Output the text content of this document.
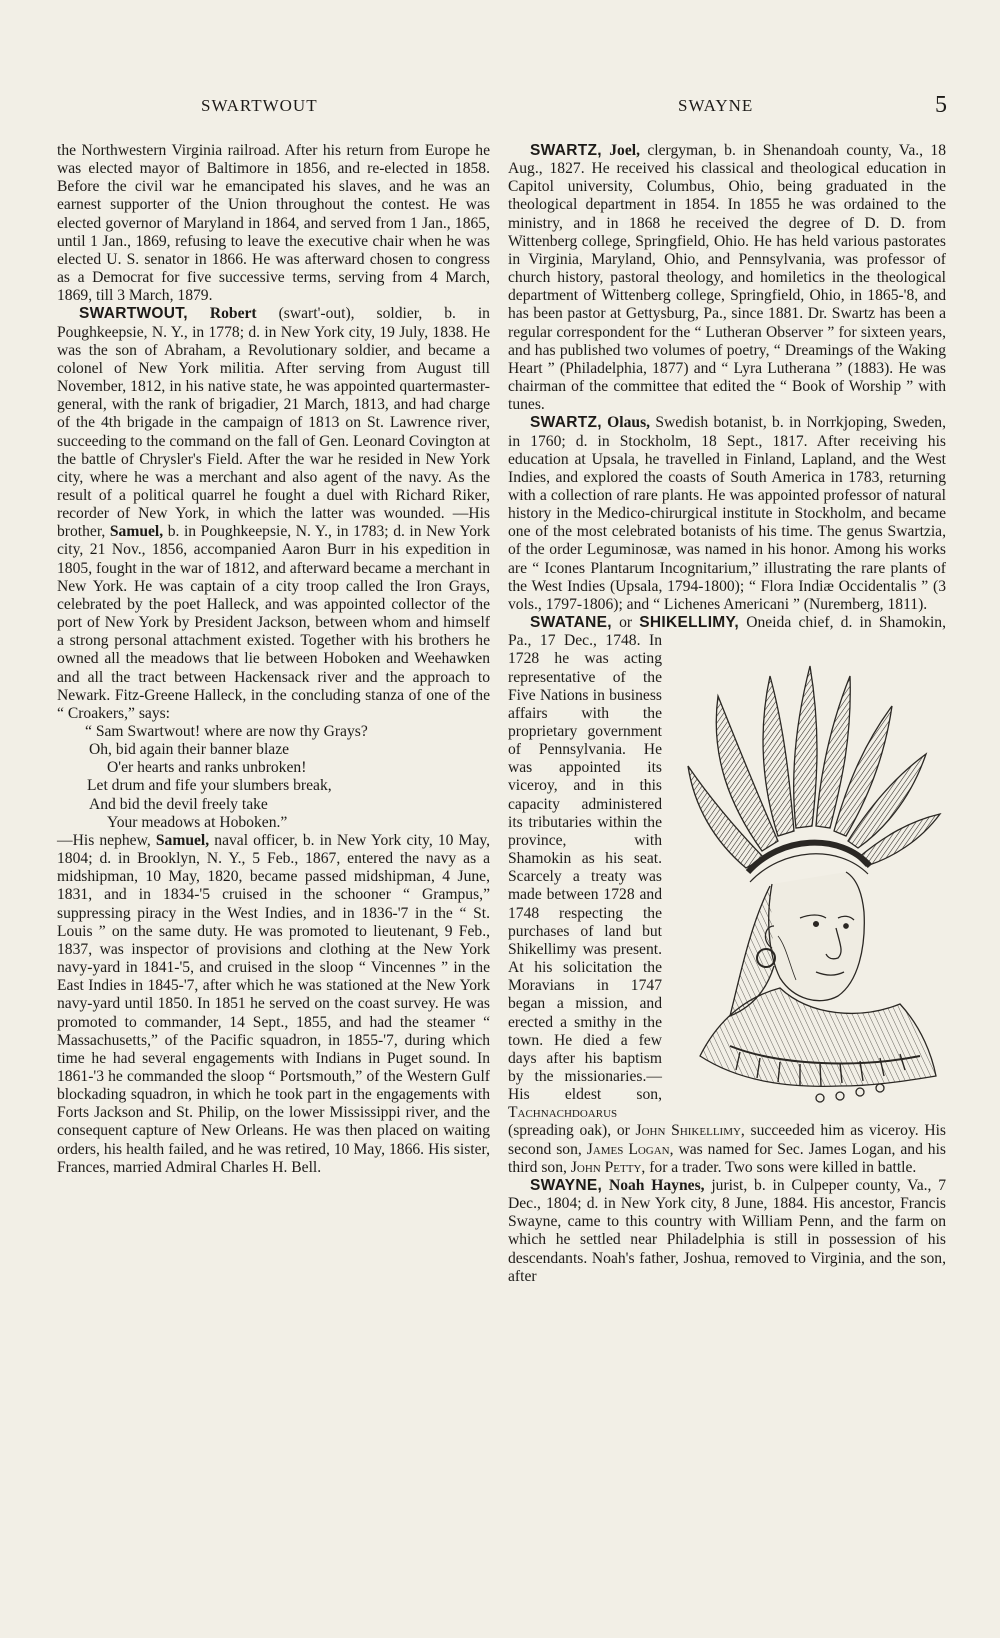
SWARTWOUT	SWAYNE	5

the Northwestern Virginia railroad. After his return from Europe he was elected mayor of Baltimore in 1856, and re-elected in 1858. Before the civil war he emancipated his slaves, and he was an earnest supporter of the Union throughout the contest. He was elected governor of Maryland in 1864, and served from 1 Jan., 1865, until 1 Jan., 1869, refusing to leave the executive chair when he was elected U. S. senator in 1866. He was afterward chosen to congress as a Democrat for five successive terms, serving from 4 March, 1869, till 3 March, 1879.

SWARTWOUT, Robert (swart'-out), soldier, b. in Poughkeepsie, N. Y., in 1778; d. in New York city, 19 July, 1838. He was the son of Abraham, a Revolutionary soldier, and became a colonel of New York militia. After serving from August till November, 1812, in his native state, he was appointed quartermaster-general, with the rank of brigadier, 21 March, 1813, and had charge of the 4th brigade in the campaign of 1813 on St. Lawrence river, succeeding to the command on the fall of Gen. Leonard Covington at the battle of Chrysler's Field. After the war he resided in New York city, where he was a merchant and also agent of the navy. As the result of a political quarrel he fought a duel with Richard Riker, recorder of New York, in which the latter was wounded. —His brother, Samuel, b. in Poughkeepsie, N. Y., in 1783; d. in New York city, 21 Nov., 1856, accompanied Aaron Burr in his expedition in 1805, fought in the war of 1812, and afterward became a merchant in New York. He was captain of a city troop called the Iron Grays, celebrated by the poet Halleck, and was appointed collector of the port of New York by President Jackson, between whom and himself a strong personal attachment existed. Together with his brothers he owned all the meadows that lie between Hoboken and Weehawken and all the tract between Hackensack river and the approach to Newark. Fitz-Greene Halleck, in the concluding stanza of one of the “ Croakers,” says:

“ Sam Swartwout! where are now thy Grays?
Oh, bid again their banner blaze
O'er hearts and ranks unbroken!
Let drum and fife your slumbers break,
And bid the devil freely take
Your meadows at Hoboken.”

—His nephew, Samuel, naval officer, b. in New York city, 10 May, 1804; d. in Brooklyn, N. Y., 5 Feb., 1867, entered the navy as a midshipman, 10 May, 1820, became passed midshipman, 4 June, 1831, and in 1834-'5 cruised in the schooner “ Grampus,” suppressing piracy in the West Indies, and in 1836-'7 in the “ St. Louis ” on the same duty. He was promoted to lieutenant, 9 Feb., 1837, was inspector of provisions and clothing at the New York navy-yard in 1841-'5, and cruised in the sloop “ Vincennes ” in the East Indies in 1845-'7, after which he was stationed at the New York navy-yard until 1850. In 1851 he served on the coast survey. He was promoted to commander, 14 Sept., 1855, and had the steamer “ Massachusetts,” of the Pacific squadron, in 1855-'7, during which time he had several engagements with Indians in Puget sound. In 1861-'3 he commanded the sloop “ Portsmouth,” of the Western Gulf blockading squadron, in which he took part in the engagements with Forts Jackson and St. Philip, on the lower Mississippi river, and the consequent capture of New Orleans. He was then placed on waiting orders, his health failed, and he was retired, 10 May, 1866. His sister, Frances, married Admiral Charles H. Bell.

SWARTZ, Joel, clergyman, b. in Shenandoah county, Va., 18 Aug., 1827. He received his classical and theological education in Capitol university, Columbus, Ohio, being graduated in the theological department in 1854. In 1855 he was ordained to the ministry, and in 1868 he received the degree of D. D. from Wittenberg college, Springfield, Ohio. He has held various pastorates in Virginia, Maryland, Ohio, and Pennsylvania, was professor of church history, pastoral theology, and homiletics in the theological department of Wittenberg college, Springfield, Ohio, in 1865-'8, and has been pastor at Gettysburg, Pa., since 1881. Dr. Swartz has been a regular correspondent for the “ Lutheran Observer ” for sixteen years, and has published two volumes of poetry, “ Dreamings of the Waking Heart ” (Philadelphia, 1877) and “ Lyra Lutherana ” (1883). He was chairman of the committee that edited the “ Book of Worship ” with tunes.

SWARTZ, Olaus, Swedish botanist, b. in Norrkjoping, Sweden, in 1760; d. in Stockholm, 18 Sept., 1817. After receiving his education at Upsala, he travelled in Finland, Lapland, and the West Indies, and explored the coasts of South America in 1783, returning with a collection of rare plants. He was appointed professor of natural history in the Medico-chirurgical institute in Stockholm, and became one of the most celebrated botanists of his time. The genus Swartzia, of the order Leguminosæ, was named in his honor. Among his works are “ Icones Plantarum Incognitarium,” illustrating the rare plants of the West Indies (Upsala, 1794-1800); “ Flora Indiæ Occidentalis ” (3 vols., 1797-1806); and “ Lichenes Americani ” (Nuremberg, 1811).

SWATANE, or SHIKELLIMY, Oneida chief, d. in Shamokin, Pa., 17 Dec., 1748. In 1728 he was acting representative of the Five Nations in business affairs with the proprietary government of Pennsylvania. He was appointed its viceroy, and in this capacity administered its tributaries within the province, with Shamokin as his seat. Scarcely a treaty was made between 1728 and 1748 respecting the purchases of land but Shikellimy was present. At his solicitation the Moravians in 1747 began a mission, and erected a smithy in the town. He died a few days after his baptism by the missionaries.— His eldest son, Tachnachdoarus (spreading oak), or John Shikellimy, succeeded him as viceroy. His second son, James Logan, was named for Sec. James Logan, and his third son, John Petty, for a trader. Two sons were killed in battle.

SWAYNE, Noah Haynes, jurist, b. in Culpeper county, Va., 7 Dec., 1804; d. in New York city, 8 June, 1884. His ancestor, Francis Swayne, came to this country with William Penn, and the farm on which he settled near Philadelphia is still in possession of his descendants. Noah's father, Joshua, removed to Virginia, and the son, after
